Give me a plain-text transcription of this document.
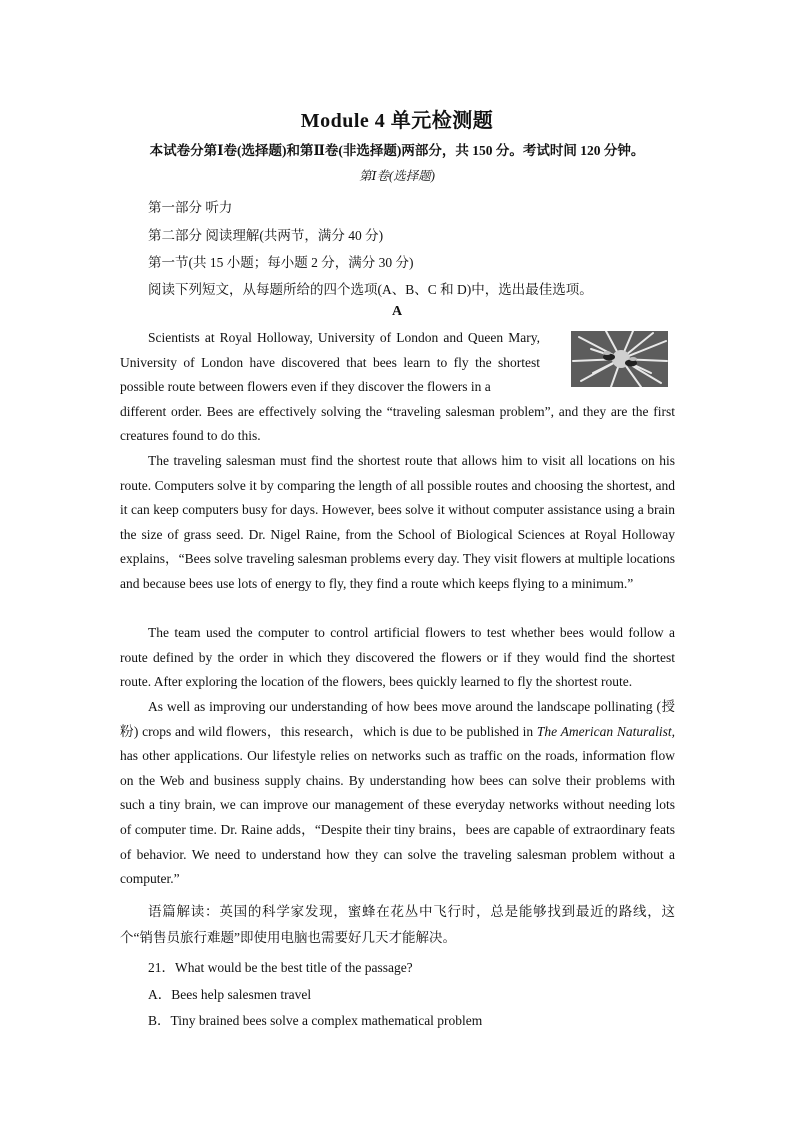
Module 4 单元检测题
本试卷分第Ⅰ卷(选择题)和第Ⅱ卷(非选择题)两部分，共 150 分。考试时间 120 分钟。
第Ⅰ卷(选择题)
第一部分 听力
第二部分 阅读理解(共两节，满分 40 分)
第一节(共 15 小题；每小题 2 分，满分 30 分)
阅读下列短文，从每题所给的四个选项(A、B、C 和 D)中，选出最佳选项。
A

Scientists at Royal Holloway, University of London and Queen Mary, University of London have discovered that bees learn to fly the shortest possible route between flowers even if they discover the flowers in a

different order. Bees are effectively solving the “traveling salesman problem”, and they are the first creatures found to do this.

The traveling salesman must find the shortest route that allows him to visit all locations on his route. Computers solve it by comparing the length of all possible routes and choosing the shortest, and it can keep computers busy for days. However, bees solve it without computer assistance using a brain the size of grass seed. Dr. Nigel Raine, from the School of Biological Sciences at Royal Holloway explains，“Bees solve traveling salesman problems every day. They visit flowers at multiple locations and because bees use lots of energy to fly, they find a route which keeps flying to a minimum.”

The team used the computer to control artificial flowers to test whether bees would follow a route defined by the order in which they discovered the flowers or if they would find the shortest route. After exploring the location of the flowers, bees quickly learned to fly the shortest route.

As well as improving our understanding of how bees move around the landscape pollinating (授粉) crops and wild flowers，this research，which is due to be published in The American Naturalist, has other applications. Our lifestyle relies on networks such as traffic on the roads, information flow on the Web and business supply chains. By understanding how bees can solve their problems with such a tiny brain, we can improve our management of these everyday networks without needing lots of computer time. Dr. Raine adds，“Despite their tiny brains，bees are capable of extraordinary feats of behavior. We need to understand how they can solve the traveling salesman problem without a computer.”

语篇解读：英国的科学家发现，蜜蜂在花丛中飞行时，总是能够找到最近的路线，这个“销售员旅行难题”即使用电脑也需要好几天才能解决。

21．What would be the best title of the passage?
A．Bees help salesmen travel
B．Tiny brained bees solve a complex mathematical problem
